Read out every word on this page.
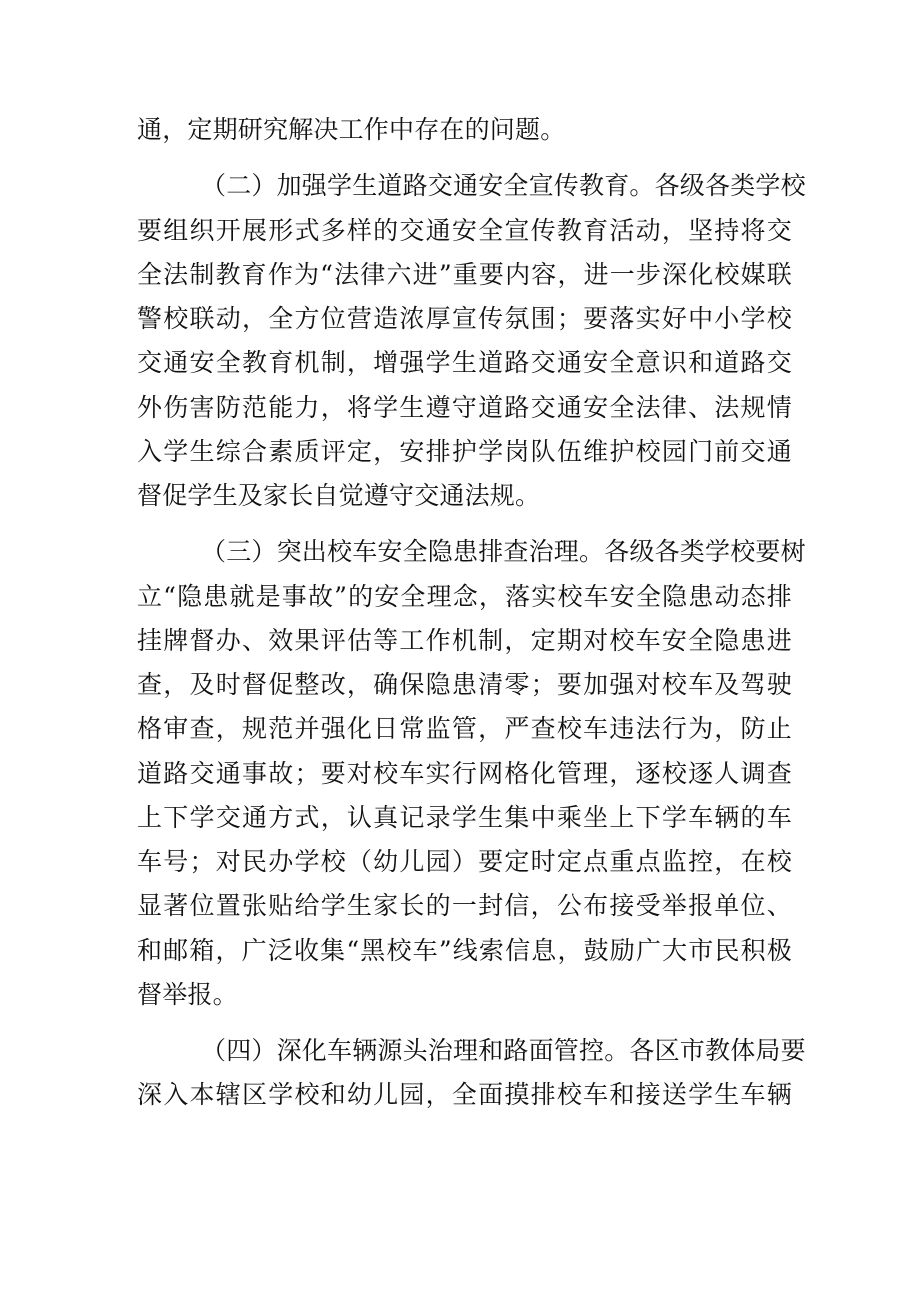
通，定期研究解决工作中存在的问题。
（二）加强学生道路交通安全宣传教育。各级各类学校
要组织开展形式多样的交通安全宣传教育活动，坚持将交
全法制教育作为“法律六进”重要内容，进一步深化校媒联
警校联动，全方位营造浓厚宣传氛围；要落实好中小学校
交通安全教育机制，增强学生道路交通安全意识和道路交
外伤害防范能力，将学生遵守道路交通安全法律、法规情
入学生综合素质评定，安排护学岗队伍维护校园门前交通
督促学生及家长自觉遵守交通法规。
（三）突出校车安全隐患排查治理。各级各类学校要树
立“隐患就是事故”的安全理念，落实校车安全隐患动态排
挂牌督办、效果评估等工作机制，定期对校车安全隐患进
查，及时督促整改，确保隐患清零；要加强对校车及驾驶
格审查，规范并强化日常监管，严查校车违法行为，防止
道路交通事故；要对校车实行网格化管理，逐校逐人调查
上下学交通方式，认真记录学生集中乘坐上下学车辆的车
车号；对民办学校（幼儿园）要定时定点重点监控，在校
显著位置张贴给学生家长的一封信，公布接受举报单位、
和邮箱，广泛收集“黑校车”线索信息，鼓励广大市民积极
督举报。
（四）深化车辆源头治理和路面管控。各区市教体局要
深入本辖区学校和幼儿园，全面摸排校车和接送学生车辆
